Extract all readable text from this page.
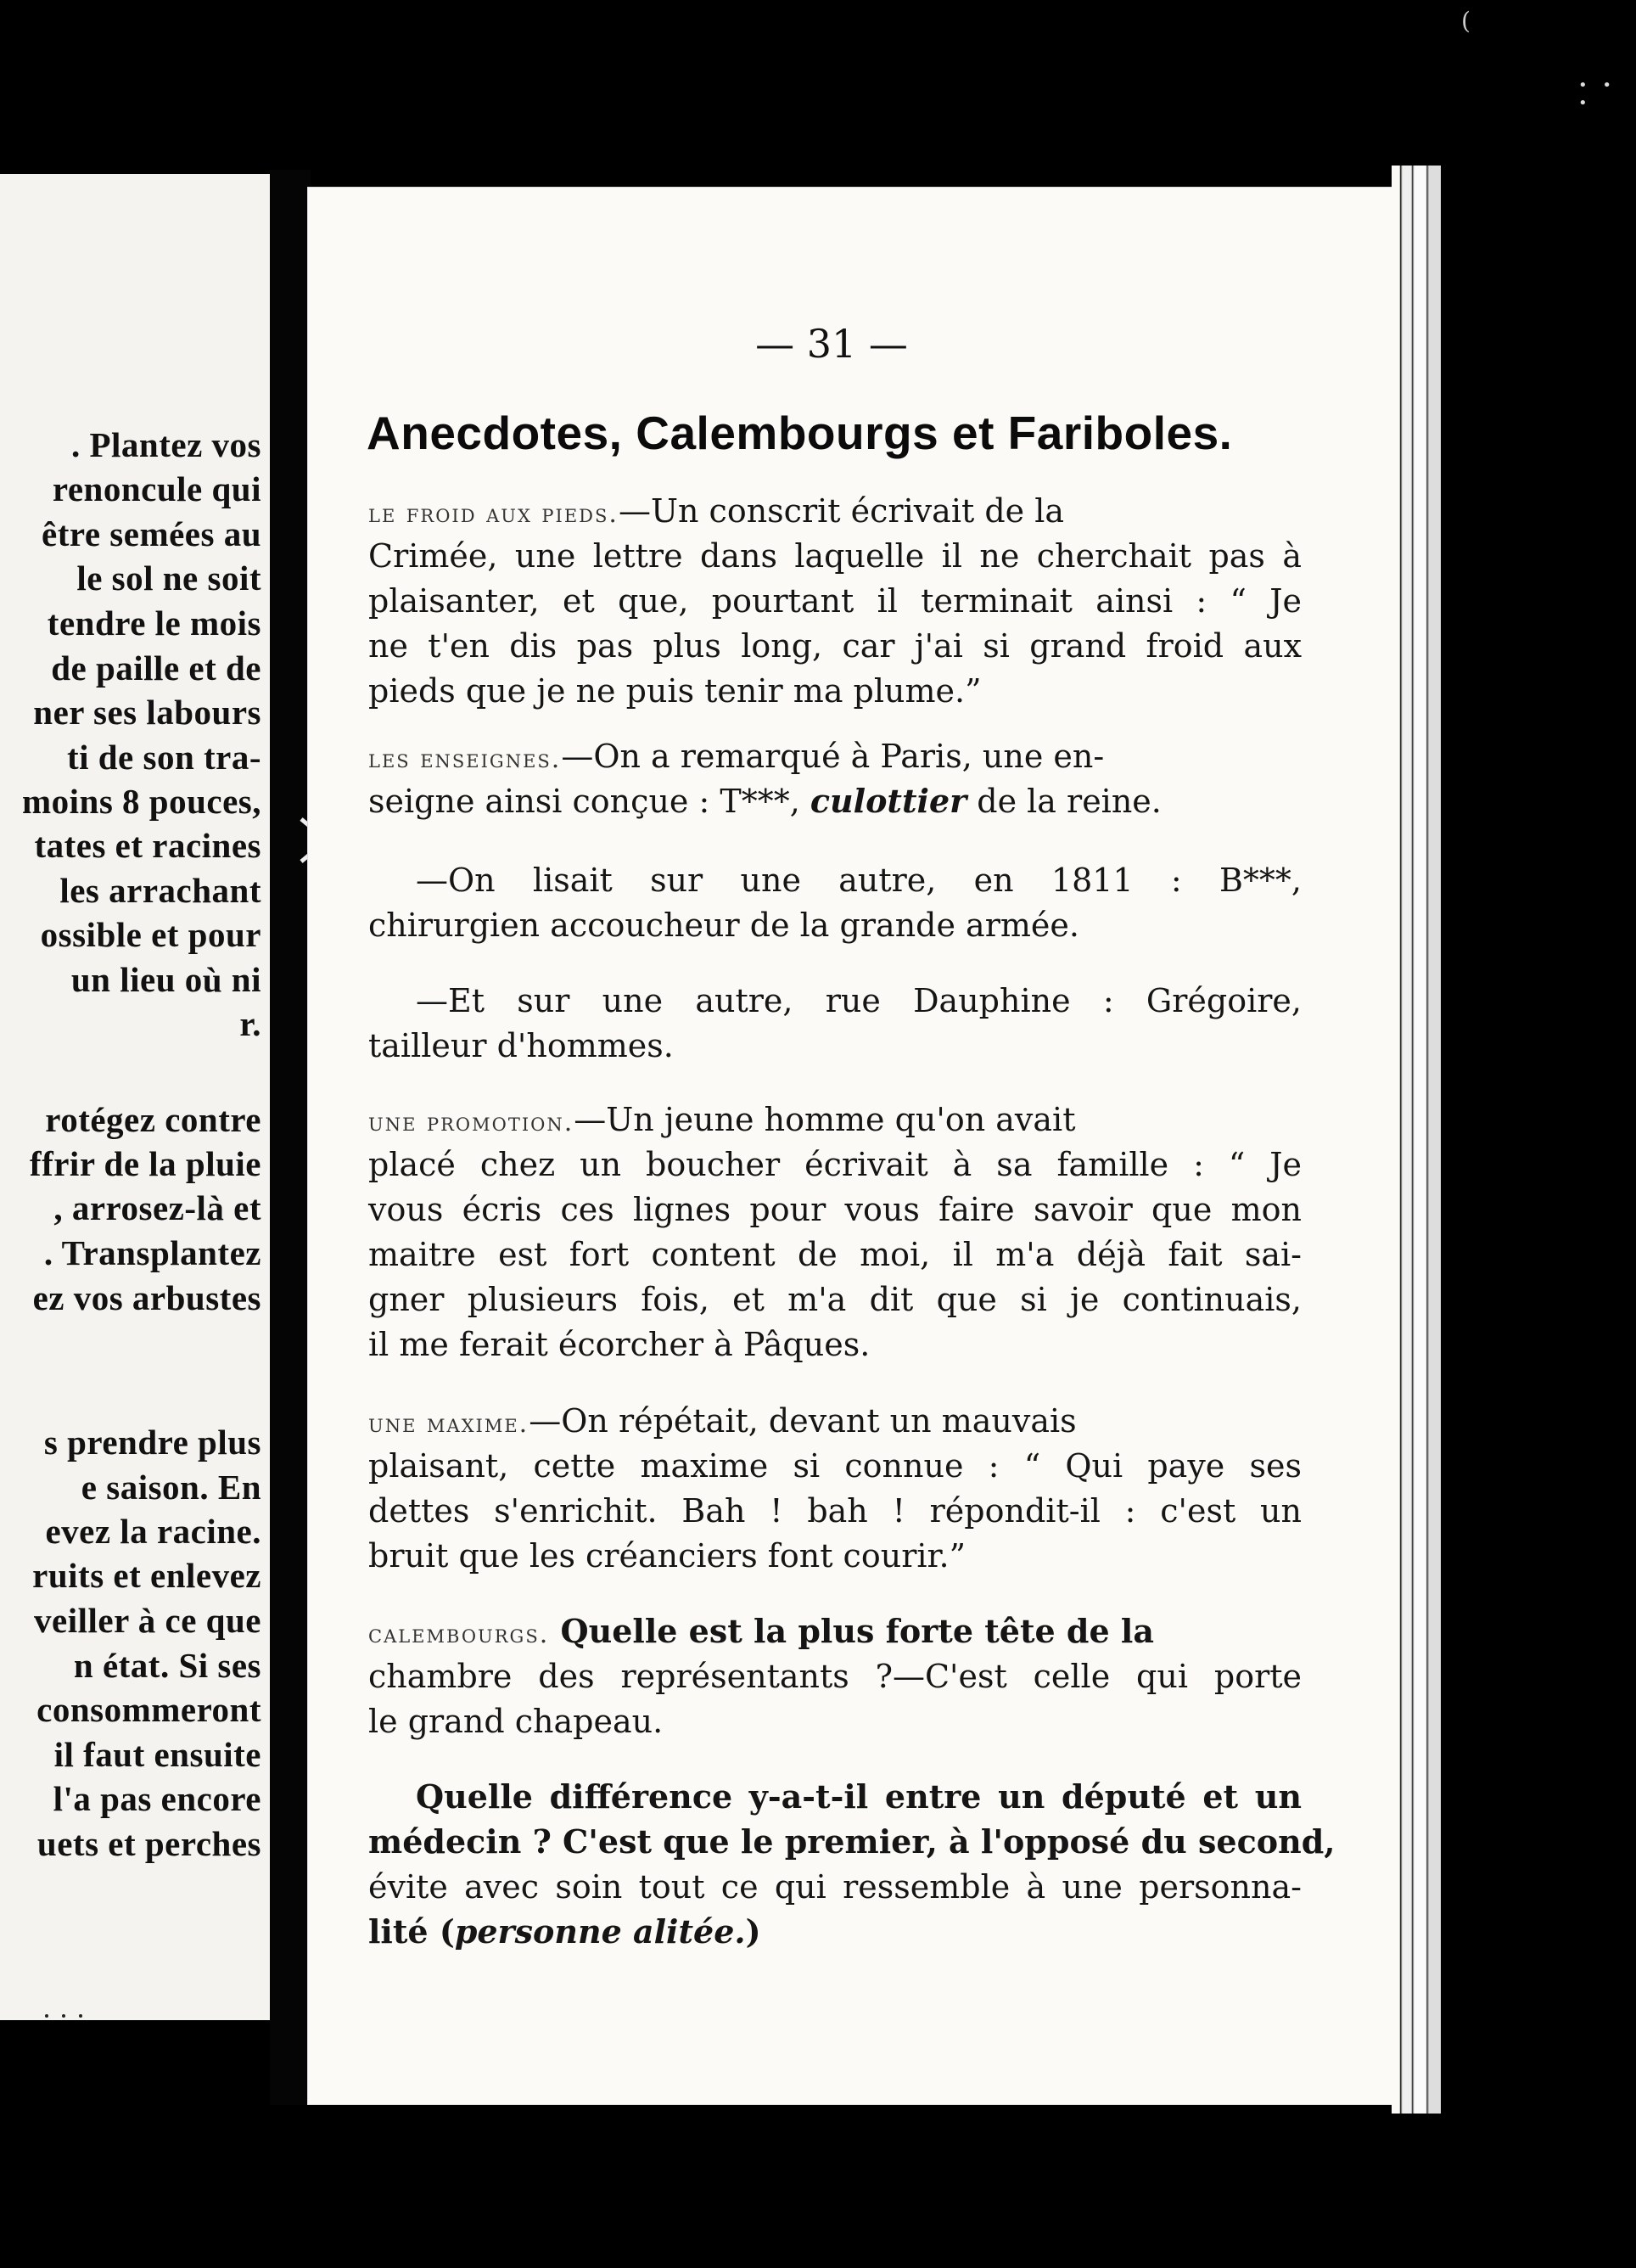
(
• • •
. Plantez vos
renoncule qui
être semées au
le sol ne soit
tendre le mois
de paille et de
ner ses labours
ti de son tra-
moins 8 pouces,
tates et racines
les arrachant
ossible et pour
un lieu où ni
r.
rotégez contre
ffrir de la pluie
, arrosez-là et
. Transplantez
ez vos arbustes
s prendre plus
e saison. En
evez la racine.
ruits et enlevez
veiller à ce que
n état. Si ses
consommeront
il faut ensuite
l'a pas encore
uets et perches
— 31 —
Anecdotes, Calembourgs et Fariboles.
le froid aux pieds.—Un conscrit écrivait de la
Crimée, une lettre dans laquelle il ne cherchait pas à
plaisanter, et que, pourtant il terminait ainsi : “ Je
ne t'en dis pas plus long, car j'ai si grand froid aux
pieds que je ne puis tenir ma plume.”
les enseignes.—On a remarqué à Paris, une en-
seigne ainsi conçue : T***, culottier de la reine.
—On lisait sur une autre, en 1811 : B***,
chirurgien accoucheur de la grande armée.
—Et sur une autre, rue Dauphine : Grégoire,
tailleur d'hommes.
une promotion.—Un jeune homme qu'on avait
placé chez un boucher écrivait à sa famille : “ Je
vous écris ces lignes pour vous faire savoir que mon
maitre est fort content de moi, il m'a déjà fait sai-
gner plusieurs fois, et m'a dit que si je continuais,
il me ferait écorcher à Pâques.
une maxime.—On répétait, devant un mauvais
plaisant, cette maxime si connue : “ Qui paye ses
dettes s'enrichit. Bah ! bah ! répondit-il : c'est un
bruit que les créanciers font courir.”
calembourgs. Quelle est la plus forte tête de la
chambre des représentants ?—C'est celle qui porte
le grand chapeau.
Quelle différence y-a-t-il entre un député et un
médecin ? C'est que le premier, à l'opposé du second,
évite avec soin tout ce qui ressemble à une personna-
lité (personne alitée.)
